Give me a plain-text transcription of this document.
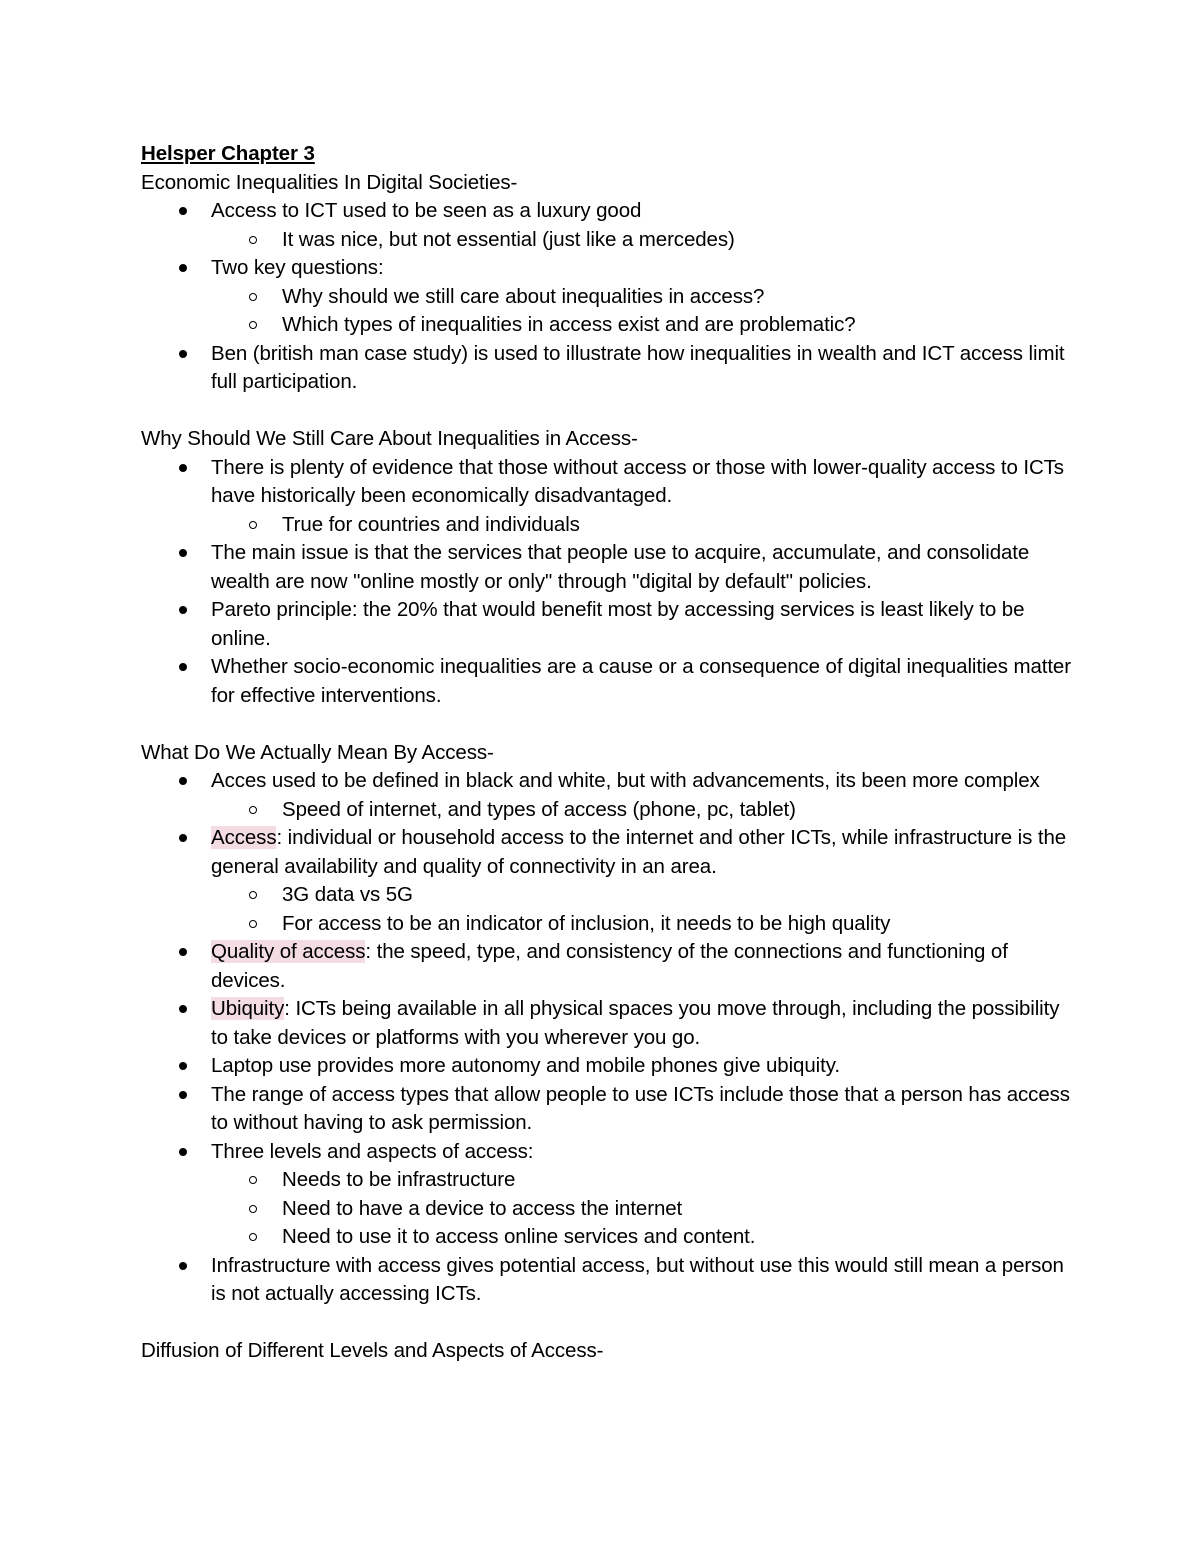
Helsper Chapter 3
Economic Inequalities In Digital Societies-
Access to ICT used to be seen as a luxury good
It was nice, but not essential (just like a mercedes)
Two key questions:
Why should we still care about inequalities in access?
Which types of inequalities in access exist and are problematic?
Ben (british man case study) is used to illustrate how inequalities in wealth and ICT access limit full participation.
Why Should We Still Care About Inequalities in Access-
There is plenty of evidence that those without access or those with lower-quality access to ICTs have historically been economically disadvantaged.
True for countries and individuals
The main issue is that the services that people use to acquire, accumulate, and consolidate wealth are now "online mostly or only" through "digital by default" policies.
Pareto principle: the 20% that would benefit most by accessing services is least likely to be online.
Whether socio-economic inequalities are a cause or a consequence of digital inequalities matter for effective interventions.
What Do We Actually Mean By Access-
Acces used to be defined in black and white, but with advancements, its been more complex
Speed of internet, and types of access (phone, pc, tablet)
Access: individual or household access to the internet and other ICTs, while infrastructure is the general availability and quality of connectivity in an area.
3G data vs 5G
For access to be an indicator of inclusion, it needs to be high quality
Quality of access: the speed, type, and consistency of the connections and functioning of devices.
Ubiquity: ICTs being available in all physical spaces you move through, including the possibility to take devices or platforms with you wherever you go.
Laptop use provides more autonomy and mobile phones give ubiquity.
The range of access types that allow people to use ICTs include those that a person has access to without having to ask permission.
Three levels and aspects of access:
Needs to be infrastructure
Need to have a device to access the internet
Need to use it to access online services and content.
Infrastructure with access gives potential access, but without use this would still mean a person is not actually accessing ICTs.
Diffusion of Different Levels and Aspects of Access-
